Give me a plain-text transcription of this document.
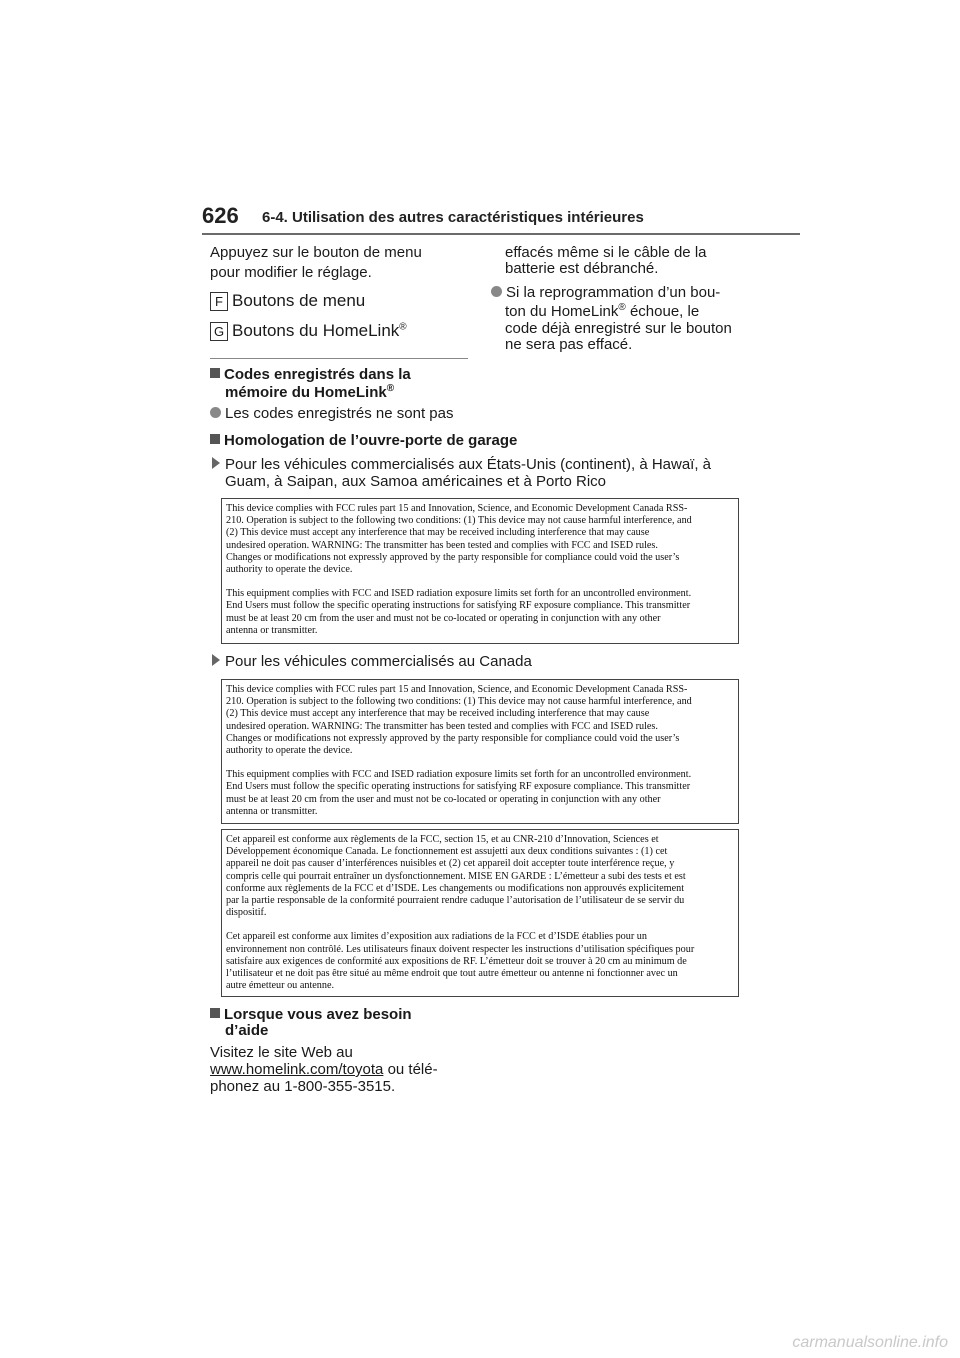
626 6-4. Utilisation des autres caractéristiques intérieures
Appuyez sur le bouton de menu
pour modifier le réglage.
F Boutons de menu
G Boutons du HomeLink®
Codes enregistrés dans la
mémoire du HomeLink®
Les codes enregistrés ne sont pas
effacés même si le câble de la
batterie est débranché.
Si la reprogrammation d’un bou-
ton du HomeLink® échoue, le
code déjà enregistré sur le bouton
ne sera pas effacé.
Homologation de l’ouvre-porte de garage
Pour les véhicules commercialisés aux États-Unis (continent), à Hawaï, à
Guam, à Saipan, aux Samoa américaines et à Porto Rico

This device complies with FCC rules part 15 and Innovation, Science, and Economic Development Canada RSS-

210. Operation is subject to the following two conditions: (1) This device may not cause harmful interference, and

(2) This device must accept any interference that may be received including interference that may cause

undesired operation. WARNING: The transmitter has been tested and complies with FCC and ISED rules.

Changes or modifications not expressly approved by the party responsible for compliance could void the user’s

authority to operate the device.

This equipment complies with FCC and ISED radiation exposure limits set forth for an uncontrolled environment.

End Users must follow the specific operating instructions for satisfying RF exposure compliance. This transmitter

must be at least 20 cm from the user and must not be co-located or operating in conjunction with any other

antenna or transmitter.

Pour les véhicules commercialisés au Canada

This device complies with FCC rules part 15 and Innovation, Science, and Economic Development Canada RSS-

210. Operation is subject to the following two conditions: (1) This device may not cause harmful interference, and

(2) This device must accept any interference that may be received including interference that may cause

undesired operation. WARNING: The transmitter has been tested and complies with FCC and ISED rules.

Changes or modifications not expressly approved by the party responsible for compliance could void the user’s

authority to operate the device.

This equipment complies with FCC and ISED radiation exposure limits set forth for an uncontrolled environment.

End Users must follow the specific operating instructions for satisfying RF exposure compliance. This transmitter

must be at least 20 cm from the user and must not be co-located or operating in conjunction with any other

antenna or transmitter.

Cet appareil est conforme aux règlements de la FCC, section 15, et au CNR-210 d’Innovation, Sciences et

Développement économique Canada. Le fonctionnement est assujetti aux deux conditions suivantes : (1) cet

appareil ne doit pas causer d’interférences nuisibles et (2) cet appareil doit accepter toute interférence reçue, y

compris celle qui pourrait entraîner un dysfonctionnement. MISE EN GARDE : L’émetteur a subi des tests et est

conforme aux règlements de la FCC et d’ISDE. Les changements ou modifications non approuvés explicitement

par la partie responsable de la conformité pourraient rendre caduque l’autorisation de l’utilisateur de se servir du

dispositif.

Cet appareil est conforme aux limites d’exposition aux radiations de la FCC et d’ISDE établies pour un

environnement non contrôlé. Les utilisateurs finaux doivent respecter les instructions d’utilisation spécifiques pour

satisfaire aux exigences de conformité aux expositions de RF. L’émetteur doit se trouver à 20 cm au minimum de

l’utilisateur et ne doit pas être situé au même endroit que tout autre émetteur ou antenne ni fonctionner avec un

autre émetteur ou antenne.

Lorsque vous avez besoin
d’aide
Visitez le site Web au
www.homelink.com/toyota ou télé-
phonez au 1-800-355-3515.
carmanualsonline.info
